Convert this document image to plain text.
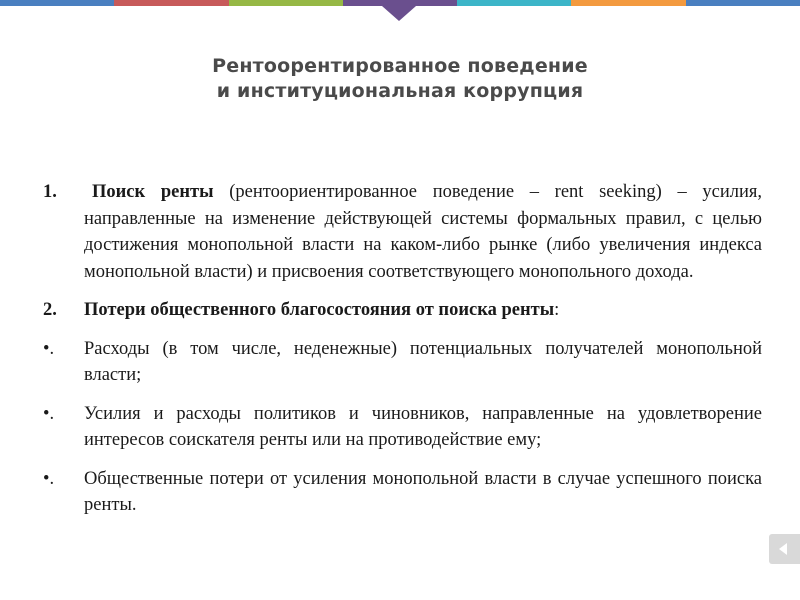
Рентоорентированное поведение
и институциональная коррупция
1.	Поиск ренты (рентоориентированное поведение – rent seeking) – усилия, направленные на изменение действующей системы формальных правил, с целью достижения монопольной власти на каком-либо рынке (либо увеличения индекса монопольной власти) и присвоения соответствующего монопольного дохода.
2.	Потери общественного благосостояния от поиска ренты:
•.	Расходы (в том числе, неденежные) потенциальных получателей монопольной власти;
•.	Усилия и расходы политиков и чиновников, направленные на удовлетворение интересов соискателя ренты или на противодействие ему;
•.	Общественные потери от усиления монопольной власти в случае успешного поиска ренты.
